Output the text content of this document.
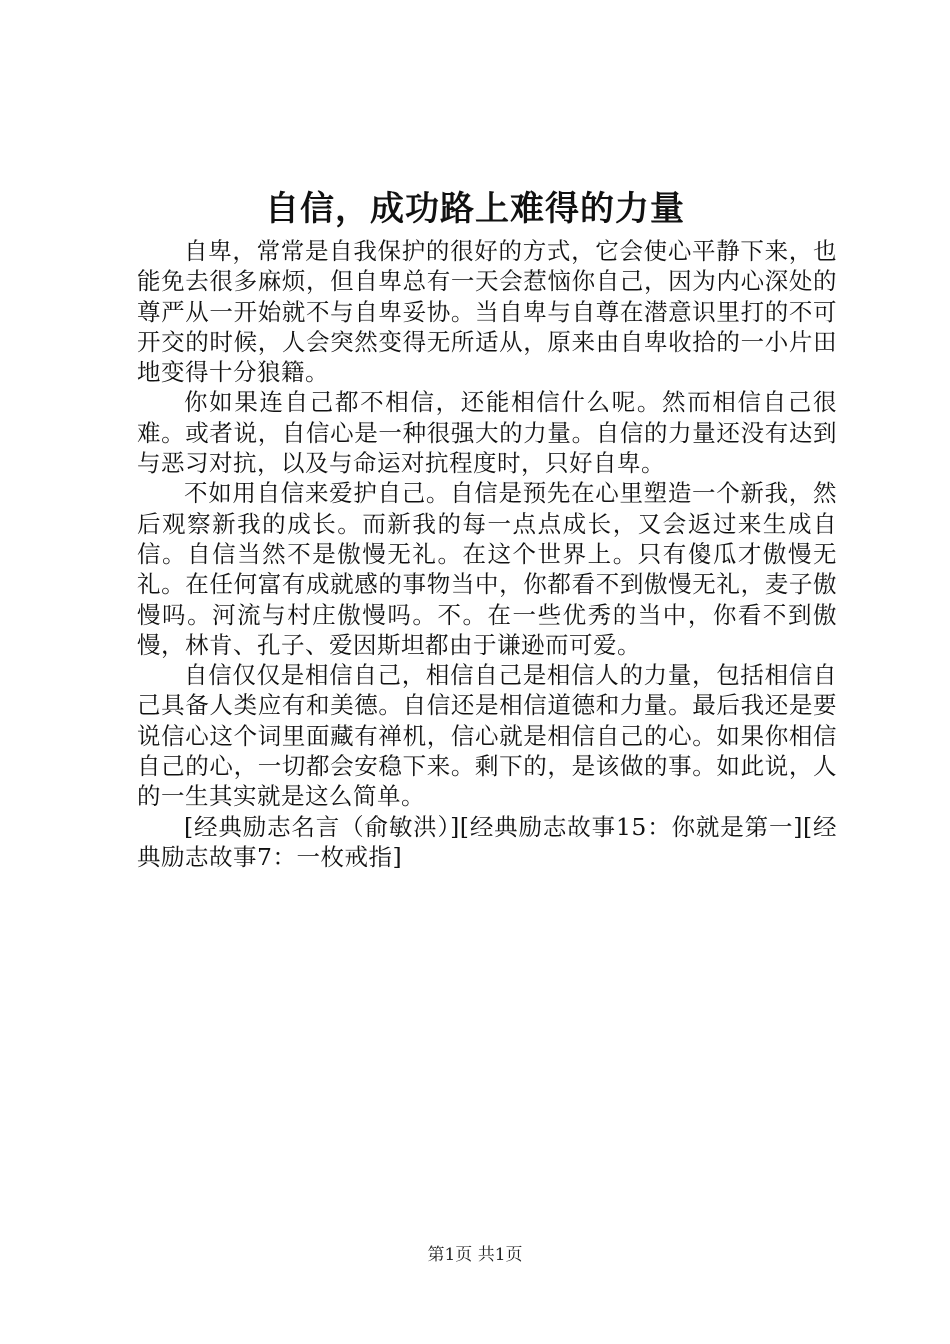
自信，成功路上难得的力量

自卑，常常是自我保护的很好的方式，它会使心平静下来，也能免去很多麻烦，但自卑总有一天会惹恼你自己，因为内心深处的尊严从一开始就不与自卑妥协。当自卑与自尊在潜意识里打的不可开交的时候，人会突然变得无所适从，原来由自卑收拾的一小片田地变得十分狼籍。

你如果连自己都不相信，还能相信什么呢。然而相信自己很难。或者说，自信心是一种很强大的力量。自信的力量还没有达到与恶习对抗，以及与命运对抗程度时，只好自卑。

不如用自信来爱护自己。自信是预先在心里塑造一个新我，然后观察新我的成长。而新我的每一点点成长，又会返过来生成自信。自信当然不是傲慢无礼。在这个世界上。只有傻瓜才傲慢无礼。在任何富有成就感的事物当中，你都看不到傲慢无礼，麦子傲慢吗。河流与村庄傲慢吗。不。在一些优秀的当中，你看不到傲慢，林肯、孔子、爱因斯坦都由于谦逊而可爱。

自信仅仅是相信自己，相信自己是相信人的力量，包括相信自己具备人类应有和美德。自信还是相信道德和力量。最后我还是要说信心这个词里面藏有禅机，信心就是相信自己的心。如果你相信自己的心，一切都会安稳下来。剩下的，是该做的事。如此说，人的一生其实就是这么简单。

[经典励志名言（俞敏洪）][经典励志故事15：你就是第一][经典励志故事7：一枚戒指]

第1页 共1页
